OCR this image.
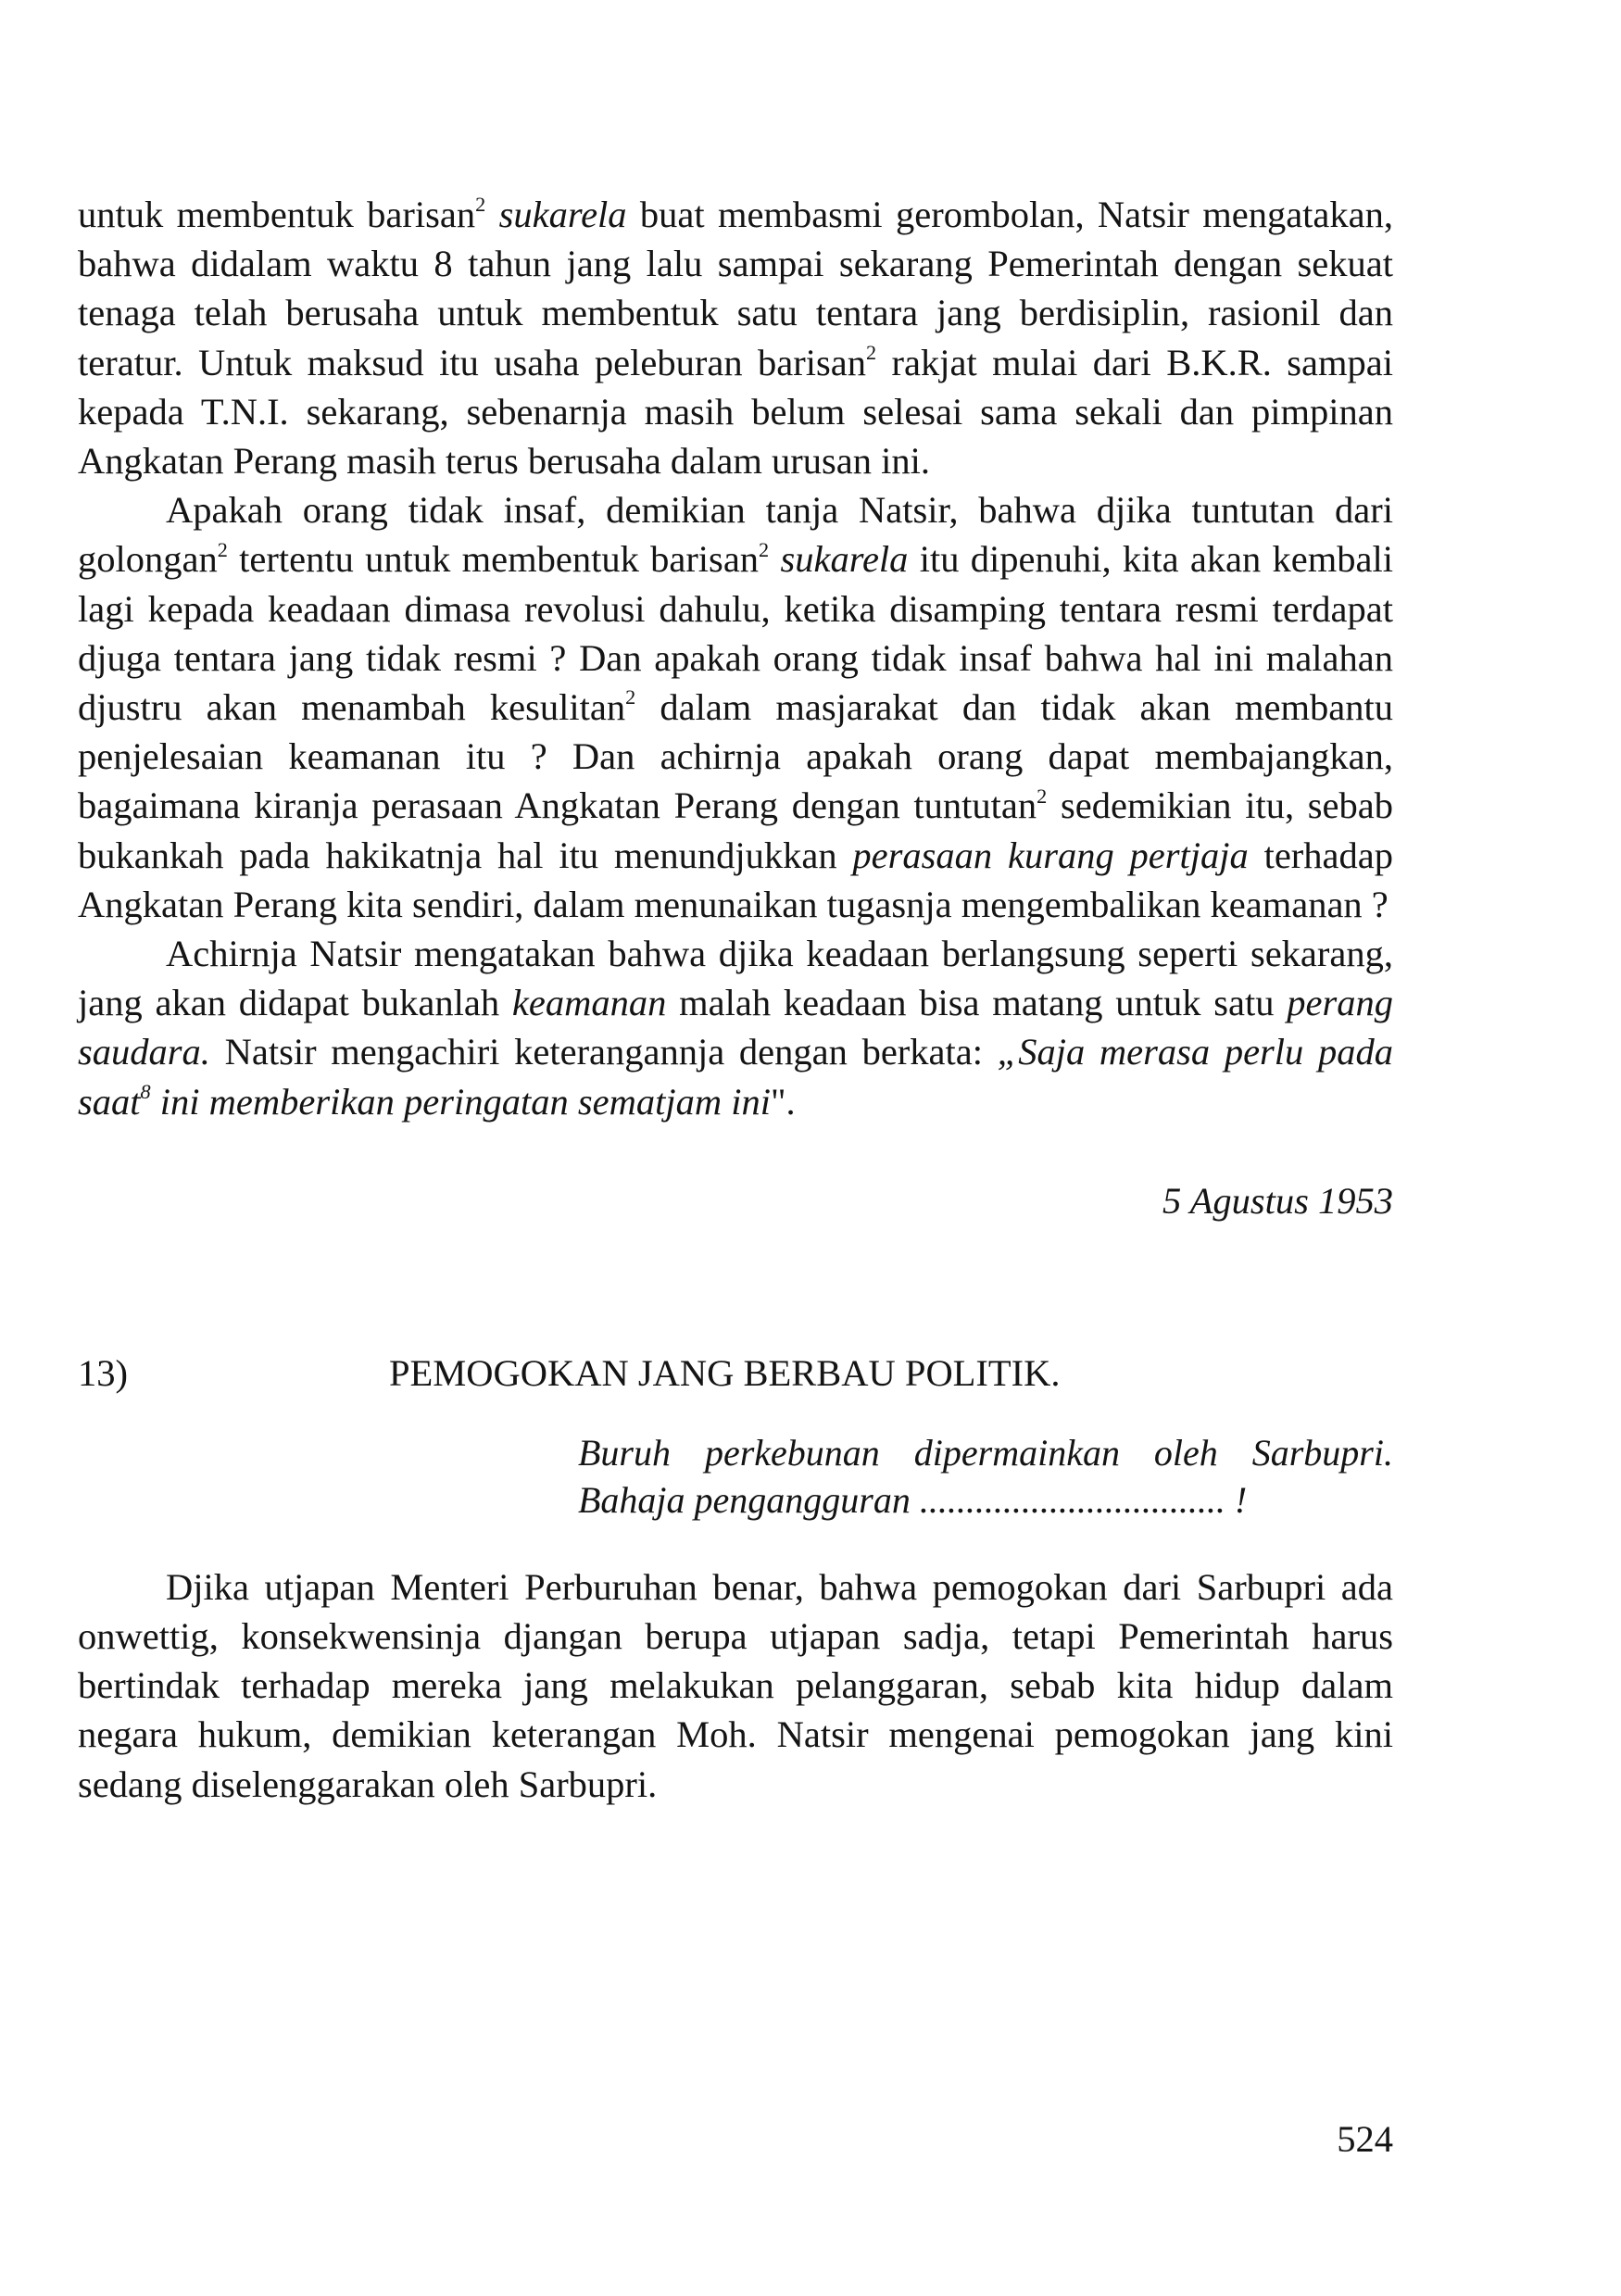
untuk membentuk barisan$^2$ sukarela buat membasmi gerombolan, Natsir mengatakan, bahwa didalam waktu 8 tahun jang lalu sampai sekarang Pemerintah dengan sekuat tenaga telah berusaha untuk membentuk satu tentara jang berdisiplin, rasionil dan teratur. Untuk maksud itu usaha peleburan barisan$^2$ rakjat mulai dari B.K.R. sampai kepada T.N.I. sekarang, sebenarnja masih belum selesai sama sekali dan pimpinan Angkatan Perang masih terus berusaha dalam urusan ini.

Apakah orang tidak insaf, demikian tanja Natsir, bahwa djika tuntutan dari golongan$^2$ tertentu untuk membentuk barisan$^2$ sukarela itu dipenuhi, kita akan kembali lagi kepada keadaan dimasa revolusi dahulu, ketika disamping tentara resmi terdapat djuga tentara jang tidak resmi ? Dan apakah orang tidak insaf bahwa hal ini malahan djustru akan menambah kesulitan$^2$ dalam masjarakat dan tidak akan membantu penjelesaian keamanan itu ? Dan achirnja apakah orang dapat membajangkan, bagaimana kiranja perasaan Angkatan Perang dengan tuntutan$^2$ sedemikian itu, sebab bukankah pada hakikatnja hal itu menundjukkan perasaan kurang pertjaja terhadap Angkatan Perang kita sendiri, dalam menunaikan tugasnja mengembalikan keamanan ?

Achirnja Natsir mengatakan bahwa djika keadaan berlangsung seperti sekarang, jang akan didapat bukanlah keamanan malah keadaan bisa matang untuk satu perang saudara. Natsir mengachiri keterangannja dengan berkata: „Saja merasa perlu pada saat$^8$ ini memberikan peringatan sematjam ini".

5 Agustus 1953
13)	PEMOGOKAN JANG BERBAU POLITIK.
Buruh perkebunan dipermainkan oleh Sarbupri.
Bahaja pengangguran ................................. !

Djika utjapan Menteri Perburuhan benar, bahwa pemogokan dari Sarbupri ada onwettig, konsekwensinja djangan berupa utjapan sadja, tetapi Pemerintah harus bertindak terhadap mereka jang melakukan pelanggaran, sebab kita hidup dalam negara hukum, demikian keterangan Moh. Natsir mengenai pemogokan jang kini sedang diselenggarakan oleh Sarbupri.

524
